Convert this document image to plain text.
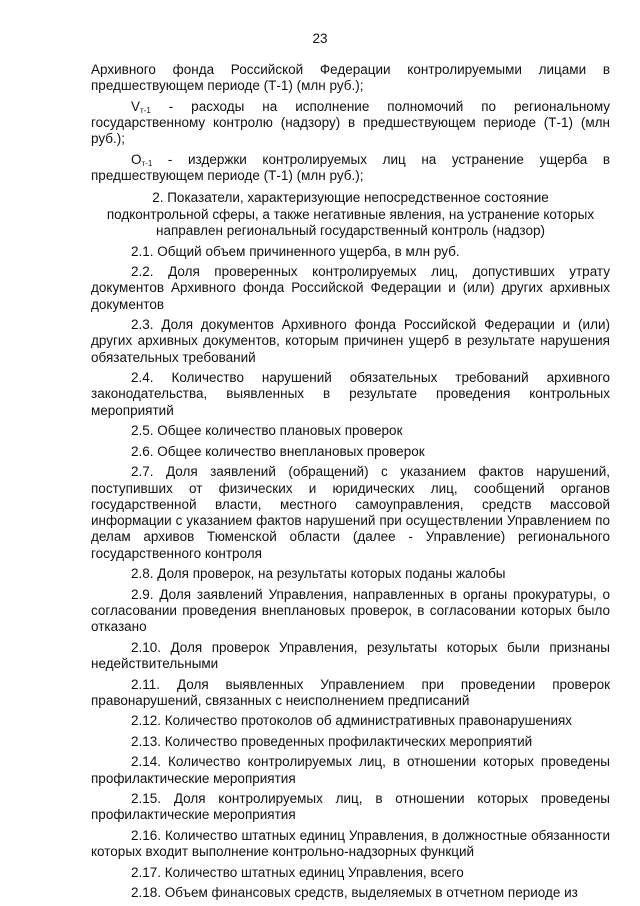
23

Архивного фонда Российской Федерации контролируемыми лицами в предшествующем периоде (Т-1) (млн руб.);

$V_{т-1}$ - расходы на исполнение полномочий по региональному государственному контролю (надзору) в предшествующем периоде (Т-1) (млн руб.);

$O_{т-1}$ - издержки контролируемых лиц на устранение ущерба в предшествующем периоде (Т-1) (млн руб.);

2. Показатели, характеризующие непосредственное состояние подконтрольной сферы, а также негативные явления, на устранение которых направлен региональный государственный контроль (надзор)

2.1. Общий объем причиненного ущерба, в млн руб.

2.2. Доля проверенных контролируемых лиц, допустивших утрату документов Архивного фонда Российской Федерации и (или) других архивных документов

2.3. Доля документов Архивного фонда Российской Федерации и (или) других архивных документов, которым причинен ущерб в результате нарушения обязательных требований

2.4. Количество нарушений обязательных требований архивного законодательства, выявленных в результате проведения контрольных мероприятий

2.5. Общее количество плановых проверок

2.6. Общее количество внеплановых проверок

2.7. Доля заявлений (обращений) с указанием фактов нарушений, поступивших от физических и юридических лиц, сообщений органов государственной власти, местного самоуправления, средств массовой информации с указанием фактов нарушений при осуществлении Управлением по делам архивов Тюменской области (далее - Управление) регионального государственного контроля

2.8. Доля проверок, на результаты которых поданы жалобы

2.9. Доля заявлений Управления, направленных в органы прокуратуры, о согласовании проведения внеплановых проверок, в согласовании которых было отказано

2.10. Доля проверок Управления, результаты которых были признаны недействительными

2.11. Доля выявленных Управлением при проведении проверок правонарушений, связанных с неисполнением предписаний

2.12. Количество протоколов об административных правонарушениях

2.13. Количество проведенных профилактических мероприятий

2.14. Количество контролируемых лиц, в отношении которых проведены профилактические мероприятия

2.15. Доля контролируемых лиц, в отношении которых проведены профилактические мероприятия

2.16. Количество штатных единиц Управления, в должностные обязанности которых входит выполнение контрольно-надзорных функций

2.17. Количество штатных единиц Управления, всего

2.18. Объем финансовых средств, выделяемых в отчетном периоде из
